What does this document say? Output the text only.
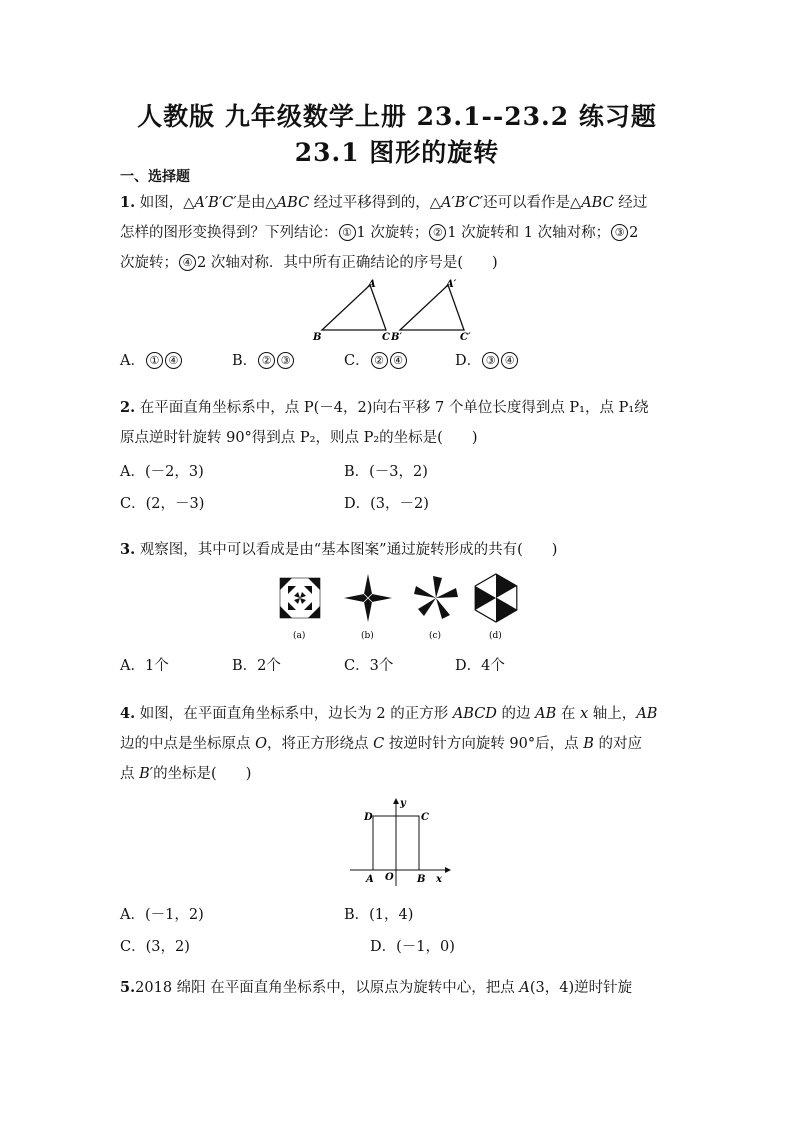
人教版 九年级数学上册 23.1--23.2 练习题
23.1 图形的旋转
一、选择题
1. 如图，△A′B′C′是由△ABC 经过平移得到的，△A′B′C′还可以看作是△ABC 经过
怎样的图形变换得到？下列结论： ① 1 次旋转； ② 1 次旋转和 1 次轴对称； ③ 2
次旋转； ④ 2 次轴对称．其中所有正确结论的序号是(　　)
A
B	C
A′
B′	C′
A． ① ④	B． ② ③	C． ② ④	D． ③ ④
2. 在平面直角坐标系中，点 P(－4，2)向右平移 7 个单位长度得到点 P₁，点 P₁绕
原点逆时针旋转 90°得到点 P₂，则点 P₂的坐标是(　　)
A．(－2，3)	B．(－3，2)
C．(2，－3)	D．(3，－2)
3. 观察图，其中可以看成是由“基本图案”通过旋转形成的共有(　　)
(a)	(b)	(c)	(d)
A．1个	B．2个	C．3个	D．4个
4. 如图，在平面直角坐标系中，边长为 2 的正方形 ABCD 的边 AB 在 x 轴上，AB
边的中点是坐标原点 O，将正方形绕点 C 按逆时针方向旋转 90°后，点 B 的对应
点 B′的坐标是(　　)
D	C
A O B x
y
A．(－1，2)	B．(1，4)
C．(3，2)	D．(－1，0)
5.2018 绵阳 在平面直角坐标系中，以原点为旋转中心，把点 A(3，4)逆时针旋
